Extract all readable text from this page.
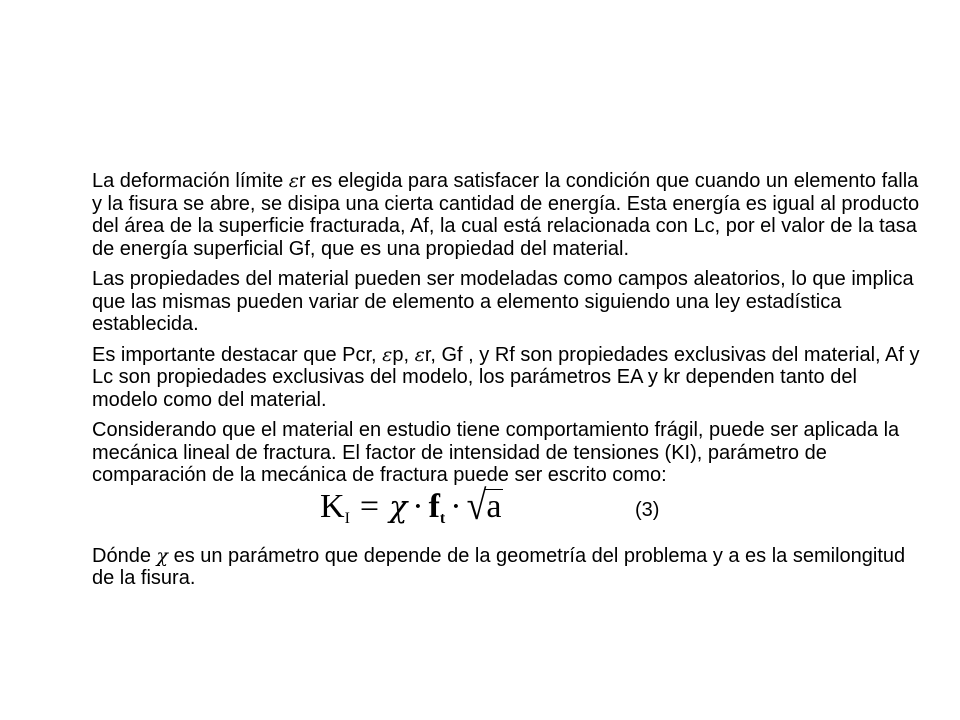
La deformación límite εr es elegida para satisfacer la condición que cuando un elemento falla y la fisura se abre, se disipa una cierta cantidad de energía. Esta energía es igual al producto del área de la superficie fracturada, Af, la cual está relacionada con Lc, por el valor de la tasa de energía superficial Gf, que es una propiedad del material.

Las propiedades del material pueden ser modeladas como campos aleatorios, lo que implica que las mismas pueden variar de elemento a elemento siguiendo una ley estadística establecida.

Es importante destacar que Pcr, εp, εr, Gf , y Rf son propiedades exclusivas del material, Af y Lc son propiedades exclusivas del modelo, los parámetros EA y kr dependen tanto del modelo como del material.

Considerando que el material en estudio tiene comportamiento frágil, puede ser aplicada la mecánica lineal de fractura. El factor de intensidad de tensiones (KI), parámetro de comparación de la mecánica de fractura puede ser escrito como:

$K_I = \chi \cdot f_t \cdot √a$	(3)

Dónde χ es un parámetro que depende de la geometría del problema y a es la semilongitud de la fisura.
